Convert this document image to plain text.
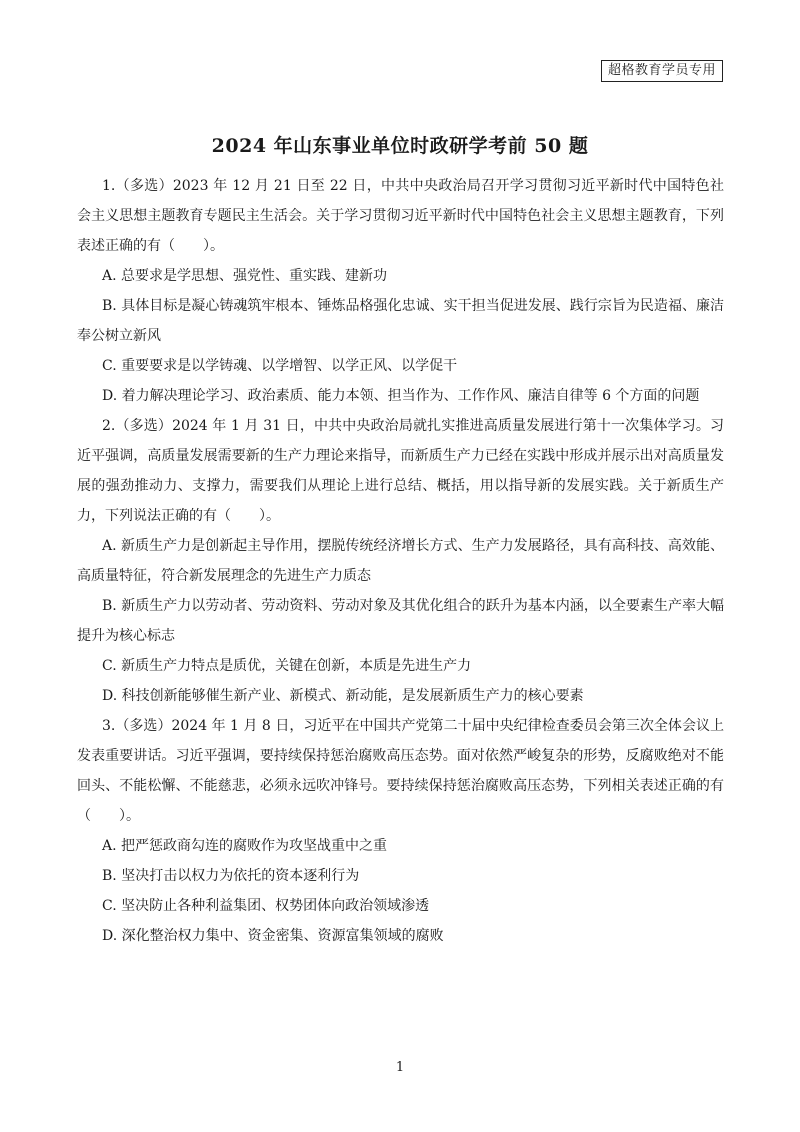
超格教育学员专用
2024 年山东事业单位时政研学考前 50 题

1.（多选）2023 年 12 月 21 日至 22 日，中共中央政治局召开学习贯彻习近平新时代中国特色社会主义思想主题教育专题民主生活会。关于学习贯彻习近平新时代中国特色社会主义思想主题教育，下列表述正确的有（　　）。

A. 总要求是学思想、强党性、重实践、建新功

B. 具体目标是凝心铸魂筑牢根本、锤炼品格强化忠诚、实干担当促进发展、践行宗旨为民造福、廉洁奉公树立新风

C. 重要要求是以学铸魂、以学增智、以学正风、以学促干

D. 着力解决理论学习、政治素质、能力本领、担当作为、工作作风、廉洁自律等 6 个方面的问题

2.（多选）2024 年 1 月 31 日，中共中央政治局就扎实推进高质量发展进行第十一次集体学习。习近平强调，高质量发展需要新的生产力理论来指导，而新质生产力已经在实践中形成并展示出对高质量发展的强劲推动力、支撑力，需要我们从理论上进行总结、概括，用以指导新的发展实践。关于新质生产力，下列说法正确的有（　　）。

A. 新质生产力是创新起主导作用，摆脱传统经济增长方式、生产力发展路径，具有高科技、高效能、高质量特征，符合新发展理念的先进生产力质态

B. 新质生产力以劳动者、劳动资料、劳动对象及其优化组合的跃升为基本内涵，以全要素生产率大幅提升为核心标志

C. 新质生产力特点是质优，关键在创新，本质是先进生产力

D. 科技创新能够催生新产业、新模式、新动能，是发展新质生产力的核心要素

3.（多选）2024 年 1 月 8 日，习近平在中国共产党第二十届中央纪律检查委员会第三次全体会议上发表重要讲话。习近平强调，要持续保持惩治腐败高压态势。面对依然严峻复杂的形势，反腐败绝对不能回头、不能松懈、不能慈悲，必须永远吹冲锋号。要持续保持惩治腐败高压态势，下列相关表述正确的有（　　）。

A. 把严惩政商勾连的腐败作为攻坚战重中之重

B. 坚决打击以权力为依托的资本逐利行为

C. 坚决防止各种利益集团、权势团体向政治领域渗透

D. 深化整治权力集中、资金密集、资源富集领域的腐败

1
